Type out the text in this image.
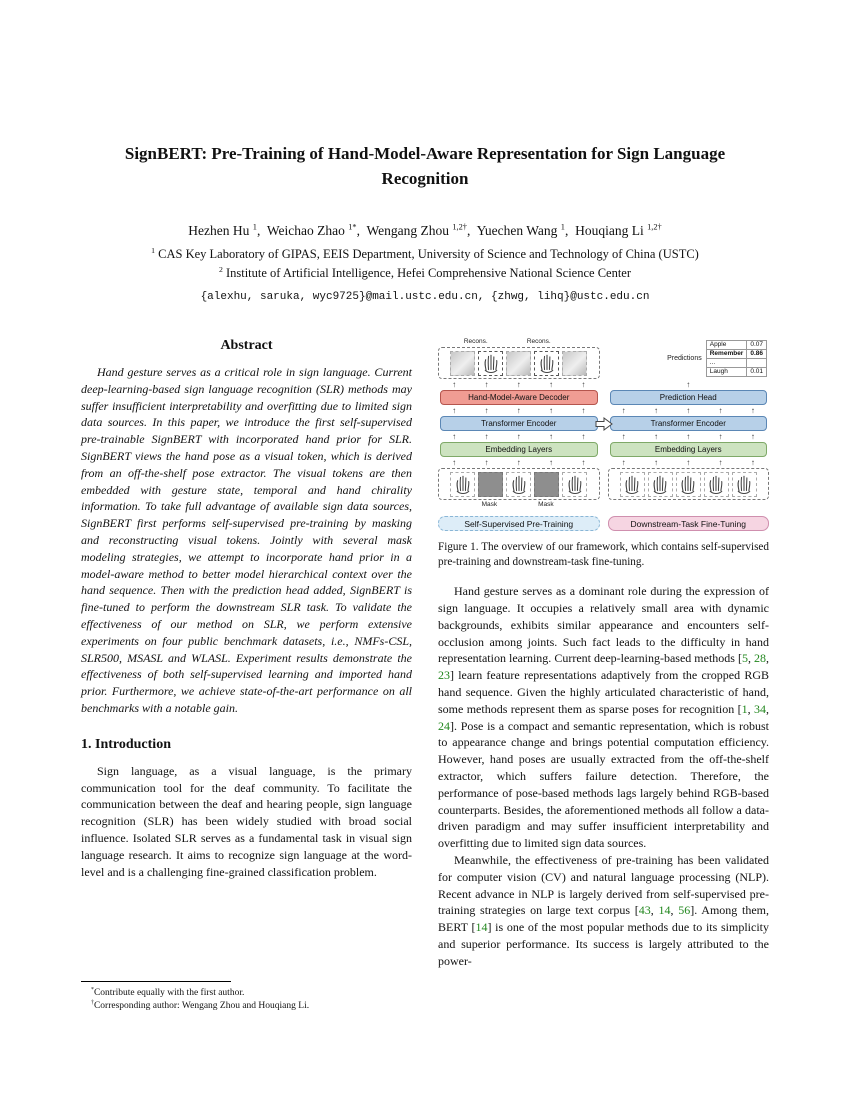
SignBERT: Pre-Training of Hand-Model-Aware Representation for Sign Language Recognition
Hezhen Hu $^1$,  Weichao Zhao $^{1*}$,  Wengang Zhou $^{1,2\dagger}$,  Yuechen Wang $^1$,  Houqiang Li $^{1,2\dagger}$
$^1$ CAS Key Laboratory of GIPAS, EEIS Department, University of Science and Technology of China (USTC)
$^2$ Institute of Artificial Intelligence, Hefei Comprehensive National Science Center
{alexhu, saruka, wyc9725}@mail.ustc.edu.cn, {zhwg, lihq}@ustc.edu.cn
Abstract

Hand gesture serves as a critical role in sign language. Current deep-learning-based sign language recognition (SLR) methods may suffer insufficient interpretability and overfitting due to limited sign data sources. In this paper, we introduce the first self-supervised pre-trainable SignBERT with incorporated hand prior for SLR. SignBERT views the hand pose as a visual token, which is derived from an off-the-shelf pose extractor. The visual tokens are then embedded with gesture state, temporal and hand chirality information. To take full advantage of available sign data sources, SignBERT first performs self-supervised pre-training by masking and reconstructing visual tokens. Jointly with several mask modeling strategies, we attempt to incorporate hand prior in a model-aware method to better model hierarchical context over the hand sequence. Then with the prediction head added, SignBERT is fine-tuned to perform the downstream SLR task. To validate the effectiveness of our method on SLR, we perform extensive experiments on four public benchmark datasets, i.e., NMFs-CSL, SLR500, MSASL and WLASL. Experiment results demonstrate the effectiveness of both self-supervised learning and imported hand prior. Furthermore, we achieve state-of-the-art performance on all benchmarks with a notable gain.

1. Introduction

Sign language, as a visual language, is the primary communication tool for the deaf community. To facilitate the communication between the deaf and hearing people, sign language recognition (SLR) has been widely studied with broad social influence. Isolated SLR serves as a fundamental task in visual sign language research. It aims to recognize sign language at the word-level and is a challenging fine-grained classification problem.

*Contribute equally with the first author.
†Corresponding author: Wengang Zhou and Houqiang Li.
Recons.	Recons.
↑	↑	↑	↑	↑
Hand-Model-Aware Decoder
↑	↑	↑	↑	↑
Transformer Encoder
↑	↑	↑	↑	↑
Embedding Layers
↑	↑	↑	↑	↑
Mask	Mask
Predictions
Apple	0.07
Remember	0.86
...	
Laugh	0.01
↑
Prediction Head
↑	↑	↑	↑	↑
Transformer Encoder
↑	↑	↑	↑	↑
Embedding Layers
↑	↑	↑	↑	↑
Self-Supervised Pre-Training	Downstream-Task Fine-Tuning
Figure 1. The overview of our framework, which contains self-supervised pre-training and downstream-task fine-tuning.

Hand gesture serves as a dominant role during the expression of sign language. It occupies a relatively small area with dynamic backgrounds, exhibits similar appearance and encounters self-occlusion among joints. Such fact leads to the difficulty in hand representation learning. Current deep-learning-based methods [5, 28, 23] learn feature representations adaptively from the cropped RGB hand sequence. Given the highly articulated characteristic of hand, some methods represent them as sparse poses for recognition [1, 34, 24]. Pose is a compact and semantic representation, which is robust to appearance change and brings potential computation efficiency. However, hand poses are usually extracted from the off-the-shelf extractor, which suffers failure detection. Therefore, the performance of pose-based methods lags largely behind RGB-based counterparts. Besides, the aforementioned methods all follow a data-driven paradigm and may suffer insufficient interpretability and overfitting due to limited sign data sources.

Meanwhile, the effectiveness of pre-training has been validated for computer vision (CV) and natural language processing (NLP). Recent advance in NLP is largely derived from self-supervised pre-training strategies on large text corpus [43, 14, 56]. Among them, BERT [14] is one of the most popular methods due to its simplicity and superior performance. Its success is largely attributed to the power-
